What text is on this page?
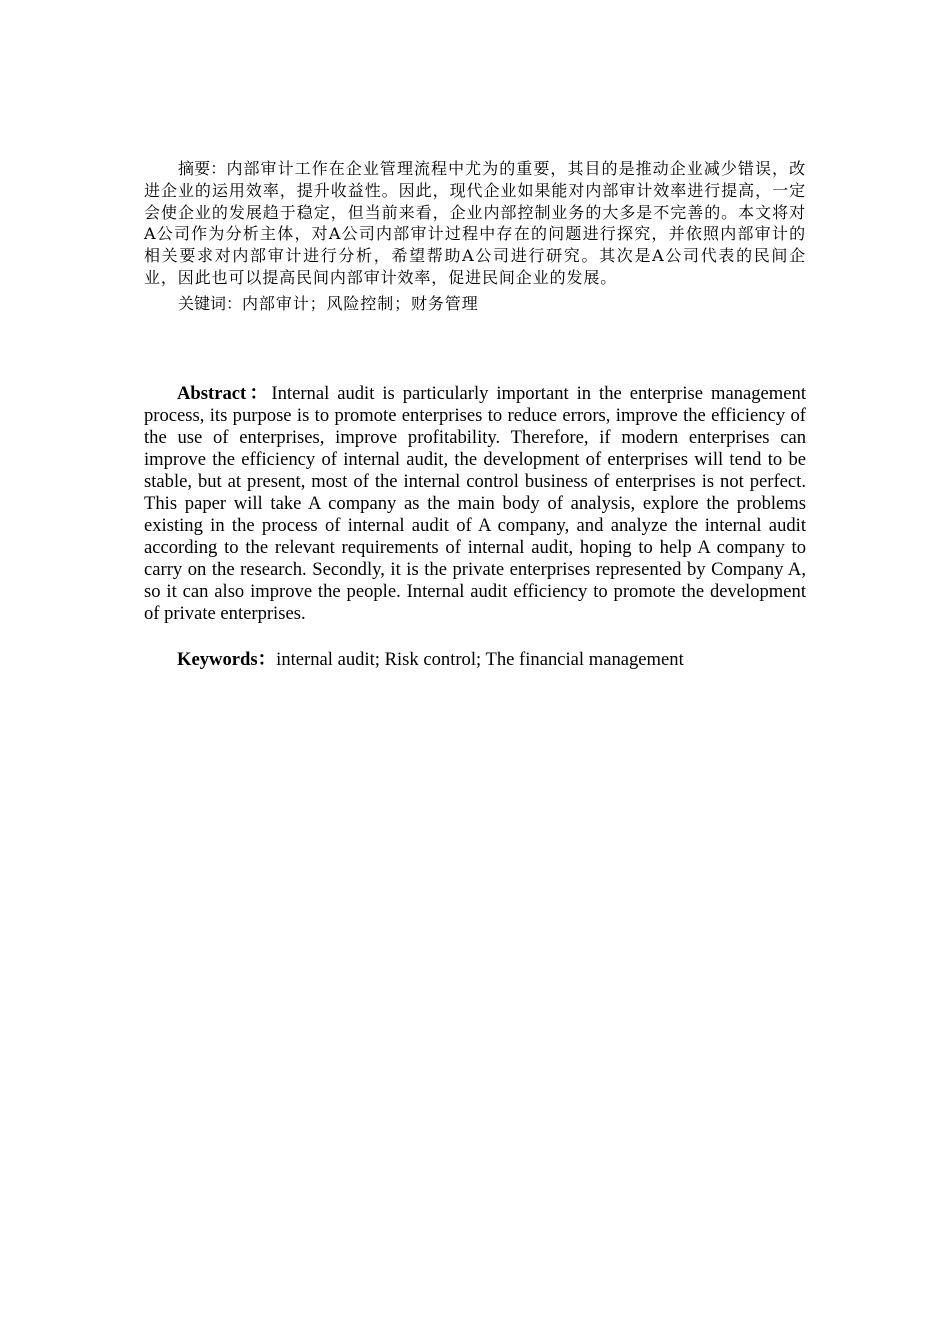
摘要：内部审计工作在企业管理流程中尤为的重要，其目的是推动企业减少错误，改进企业的运用效率，提升收益性。因此，现代企业如果能对内部审计效率进行提高，一定会使企业的发展趋于稳定，但当前来看，企业内部控制业务的大多是不完善的。本文将对A公司作为分析主体，对A公司内部审计过程中存在的问题进行探究，并依照内部审计的相关要求对内部审计进行分析，希望帮助A公司进行研究。其次是A公司代表的民间企业，因此也可以提高民间内部审计效率，促进民间企业的发展。

关键词：内部审计；风险控制；财务管理

Abstract：Internal audit is particularly important in the enterprise management process, its purpose is to promote enterprises to reduce errors, improve the efficiency of the use of enterprises, improve profitability. Therefore, if modern enterprises can improve the efficiency of internal audit, the development of enterprises will tend to be stable, but at present, most of the internal control business of enterprises is not perfect. This paper will take A company as the main body of analysis, explore the problems existing in the process of internal audit of A company, and analyze the internal audit according to the relevant requirements of internal audit, hoping to help A company to carry on the research. Secondly, it is the private enterprises represented by Company A, so it can also improve the people. Internal audit efficiency to promote the development of private enterprises.

Keywords：internal audit; Risk control; The financial management
